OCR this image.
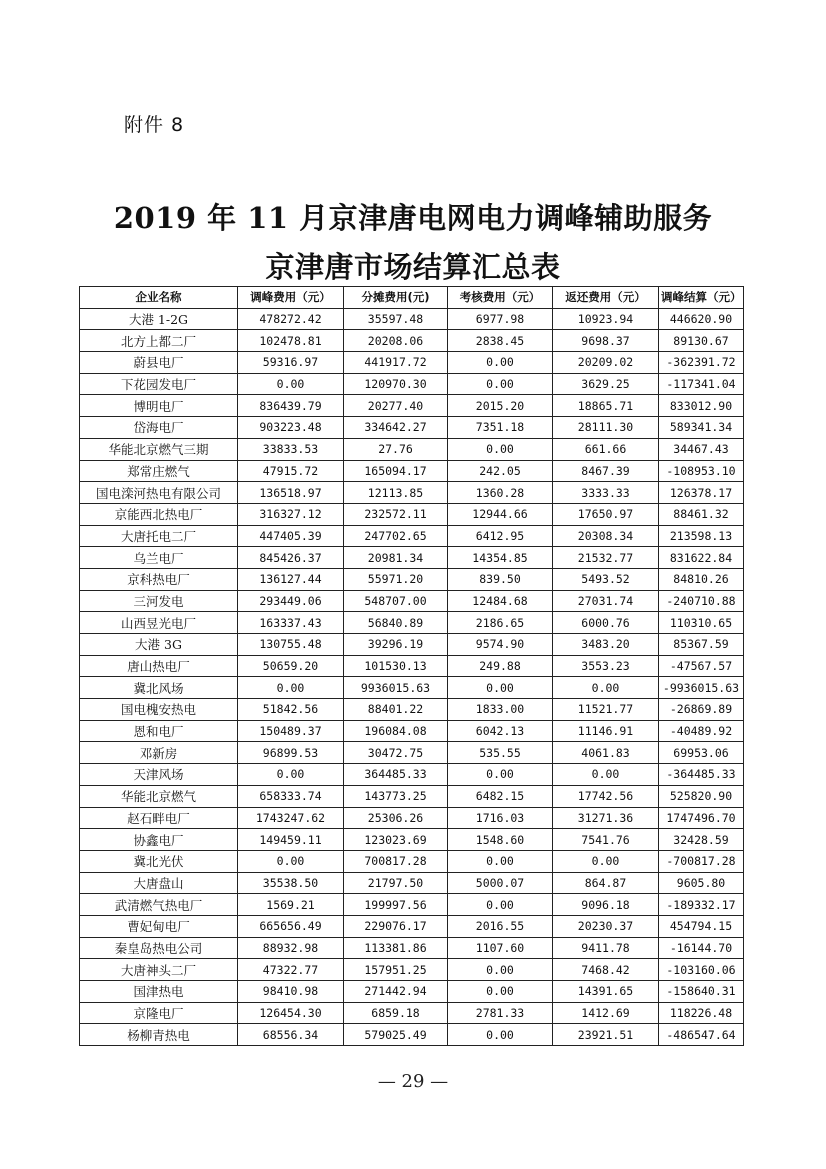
附件 8
2019 年 11 月京津唐电网电力调峰辅助服务
京津唐市场结算汇总表
企业名称	调峰费用（元）	分摊费用(元)	考核费用（元）	返还费用（元）	调峰结算（元）
大港 1-2G	478272.42	35597.48	6977.98	10923.94	446620.90
北方上都二厂	102478.81	20208.06	2838.45	9698.37	89130.67
蔚县电厂	59316.97	441917.72	0.00	20209.02	-362391.72
下花园发电厂	0.00	120970.30	0.00	3629.25	-117341.04
博明电厂	836439.79	20277.40	2015.20	18865.71	833012.90
岱海电厂	903223.48	334642.27	7351.18	28111.30	589341.34
华能北京燃气三期	33833.53	27.76	0.00	661.66	34467.43
郑常庄燃气	47915.72	165094.17	242.05	8467.39	-108953.10
国电滦河热电有限公司	136518.97	12113.85	1360.28	3333.33	126378.17
京能西北热电厂	316327.12	232572.11	12944.66	17650.97	88461.32
大唐托电二厂	447405.39	247702.65	6412.95	20308.34	213598.13
乌兰电厂	845426.37	20981.34	14354.85	21532.77	831622.84
京科热电厂	136127.44	55971.20	839.50	5493.52	84810.26
三河发电	293449.06	548707.00	12484.68	27031.74	-240710.88
山西昱光电厂	163337.43	56840.89	2186.65	6000.76	110310.65
大港 3G	130755.48	39296.19	9574.90	3483.20	85367.59
唐山热电厂	50659.20	101530.13	249.88	3553.23	-47567.57
冀北风场	0.00	9936015.63	0.00	0.00	-9936015.63
国电槐安热电	51842.56	88401.22	1833.00	11521.77	-26869.89
恩和电厂	150489.37	196084.08	6042.13	11146.91	-40489.92
邓新房	96899.53	30472.75	535.55	4061.83	69953.06
天津风场	0.00	364485.33	0.00	0.00	-364485.33
华能北京燃气	658333.74	143773.25	6482.15	17742.56	525820.90
赵石畔电厂	1743247.62	25306.26	1716.03	31271.36	1747496.70
协鑫电厂	149459.11	123023.69	1548.60	7541.76	32428.59
冀北光伏	0.00	700817.28	0.00	0.00	-700817.28
大唐盘山	35538.50	21797.50	5000.07	864.87	9605.80
武清燃气热电厂	1569.21	199997.56	0.00	9096.18	-189332.17
曹妃甸电厂	665656.49	229076.17	2016.55	20230.37	454794.15
秦皇岛热电公司	88932.98	113381.86	1107.60	9411.78	-16144.70
大唐神头二厂	47322.77	157951.25	0.00	7468.42	-103160.06
国津热电	98410.98	271442.94	0.00	14391.65	-158640.31
京隆电厂	126454.30	6859.18	2781.33	1412.69	118226.48
杨柳青热电	68556.34	579025.49	0.00	23921.51	-486547.64
— 29 —
